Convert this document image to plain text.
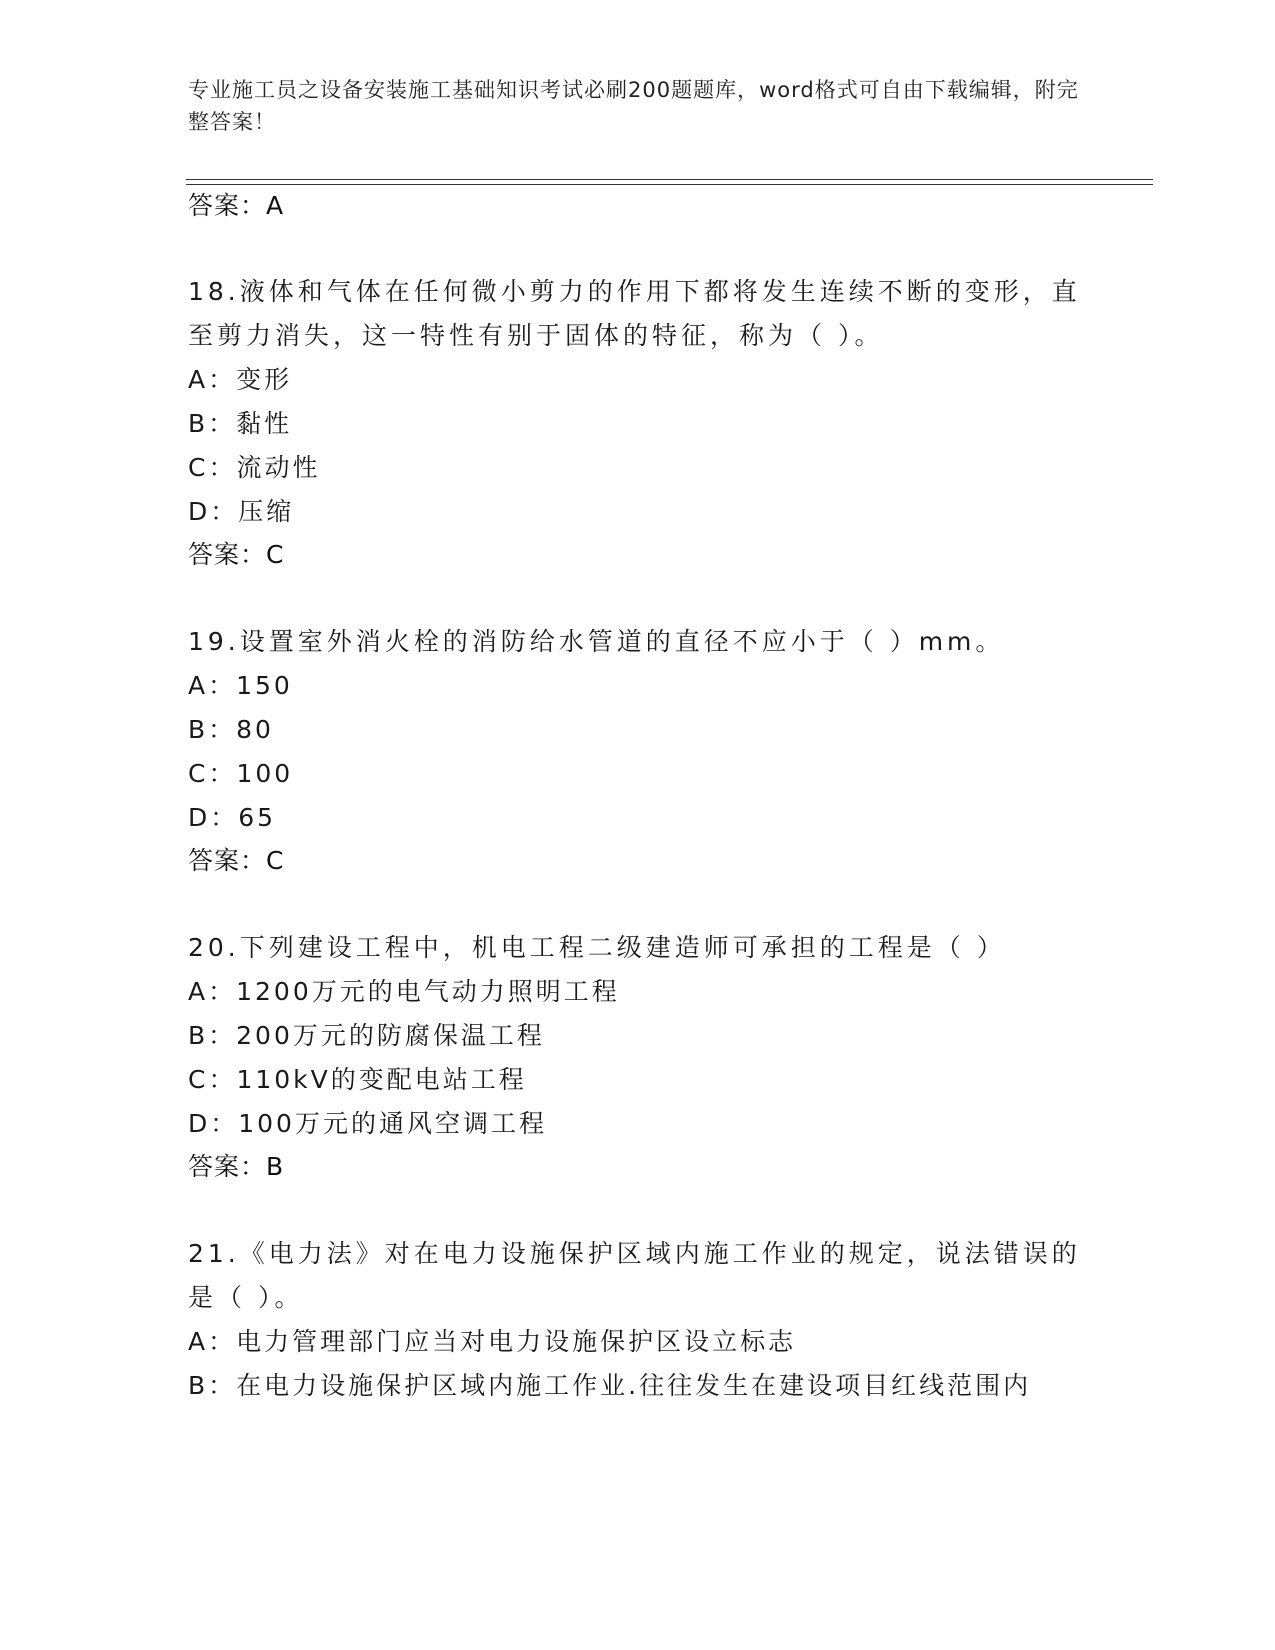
专业施工员之设备安装施工基础知识考试必刷200题题库，word格式可自由下载编辑，附完整答案！
答案：A
18.液体和气体在任何微小剪力的作用下都将发生连续不断的变形，直
至剪力消失，这一特性有别于固体的特征，称为（ ）。
A：变形
B：黏性
C：流动性
D：压缩
答案：C
19.设置室外消火栓的消防给水管道的直径不应小于（ ）mm。
A：150
B：80
C：100
D：65
答案：C
20.下列建设工程中，机电工程二级建造师可承担的工程是（ ）
A：1200万元的电气动力照明工程
B：200万元的防腐保温工程
C：110kV的变配电站工程
D：100万元的通风空调工程
答案：B
21.《电力法》对在电力设施保护区域内施工作业的规定，说法错误的
是（ ）。
A：电力管理部门应当对电力设施保护区设立标志
B：在电力设施保护区域内施工作业.往往发生在建设项目红线范围内
